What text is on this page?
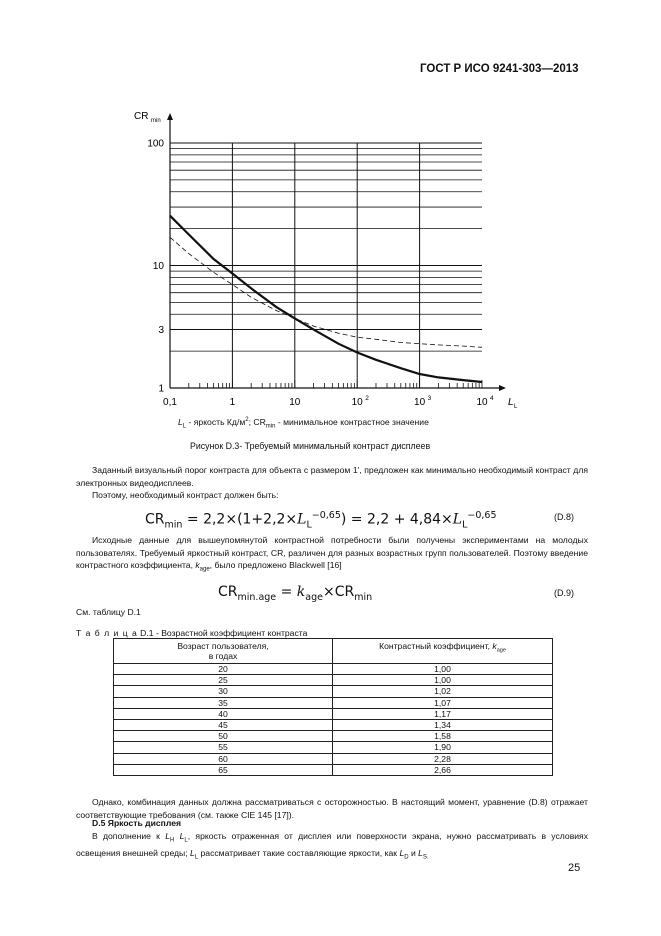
ГОСТ Р ИСО 9241-303—2013
1
3
10
100
0,1	1	10	10 2	10 3	10 4
CR min
L L
$L_L$ - яркость $Кд/м^2$; $CR_{min}$ - минимальное контрастное значение
Рисунок D.3- Требуемый минимальный контраст дисплеев
Заданный визуальный порог контраста для объекта с размером 1', предложен как минимально необходимый контраст для электронных видеодисплеев.
Поэтому, необходимый контраст должен быть:
$CR_{min} = 2,2\times(1+2,2\times L_L^{-0,65}) = 2,2 + 4,84\times L_L^{-0,65}$	(D.8)
Исходные данные для вышеупомянутой контрастной потребности были получены экспериментами на молодых пользователях. Требуемый яркостный контраст, CR, различен для разных возрастных групп пользователей. Поэтому введение контрастного коэффициента, $k_{age}$, было предложено Blackwell [16]
$CR_{min.age} = k_{age}\times CR_{min}$	(D.9)
См. таблицу D.1
Т а б л и ц а D.1 - Возрастной коэффициент контраста
Возраст пользователя,
в годах	Контрастный коэффициент, $k_{age}$
20	1,00
25	1,00
30	1,02
35	1,07
40	1,17
45	1,34
50	1,58
55	1,90
60	2,28
65	2,66
Однако, комбинация данных должна рассматриваться с осторожностью. В настоящий момент, уравнение (D.8) отражает соответствующие требования (см. также CIE 145 [17]).
D.5 Яркость дисплея
В дополнение к $L_H$ $L_L$, яркость отраженная от дисплея или поверхности экрана, нужно рассматривать в условиях освещения внешней среды; $L_L$ рассматривает такие составляющие яркости, как $L_D$ и $L_{S.}$
25
